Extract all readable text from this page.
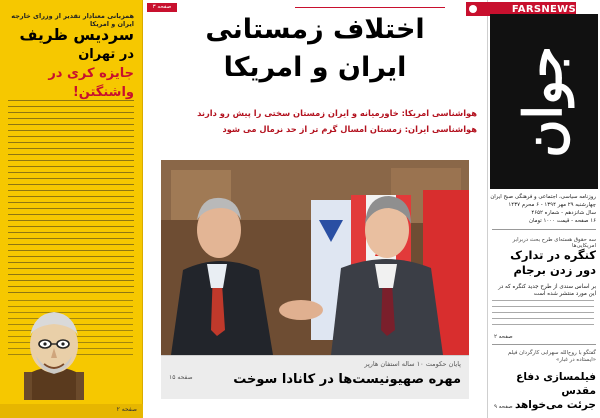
همزبانی معنادار تقدیر از وزرای خارجه ایران و امریکا
سردیس ظریف
در تهران
جایزه کری در واشنگتن!
صفحه ۲
صفحه ۳
اختلاف زمستانی
ایران و امریکا
هواشناسی امریکا: خاورمیانه و ایران زمستان سختی را پیش رو دارند
هواشناسی ایران: زمستان امسال گرم تر از حد نرمال می شود
پایان حکومت ۱۰ ساله استفان هارپر
مهره صهیونیست‌ها در کانادا سوخت
صفحه ۱۵
FARSNEWS
جوان
روزنامه سیاسی، اجتماعی و فرهنگی صبح ایران
چهارشنبه ۲۹ مهر ۱۳۹۴ - ۶ محرم ۱۴۳۷
سال شانزدهم - شماره ۴۶۵۲
۱۶ صفحه - قیمت ۱۰۰۰ تومان
سه حقوق هسته‌ای طرح بحث دربرابر امریکایی‌ها
کنگره در تدارک
دور زدن برجام
بر اساس سندی از طرح جدید کنگره که در این مورد منتشر شده است
صفحه ۲
گفتگو با روح‌الله سهرابی کارگردان فیلم «ایستاده در غبار»
فیلمسازی دفاع مقدس
جرئت می‌خواهد
صفحه ۹
